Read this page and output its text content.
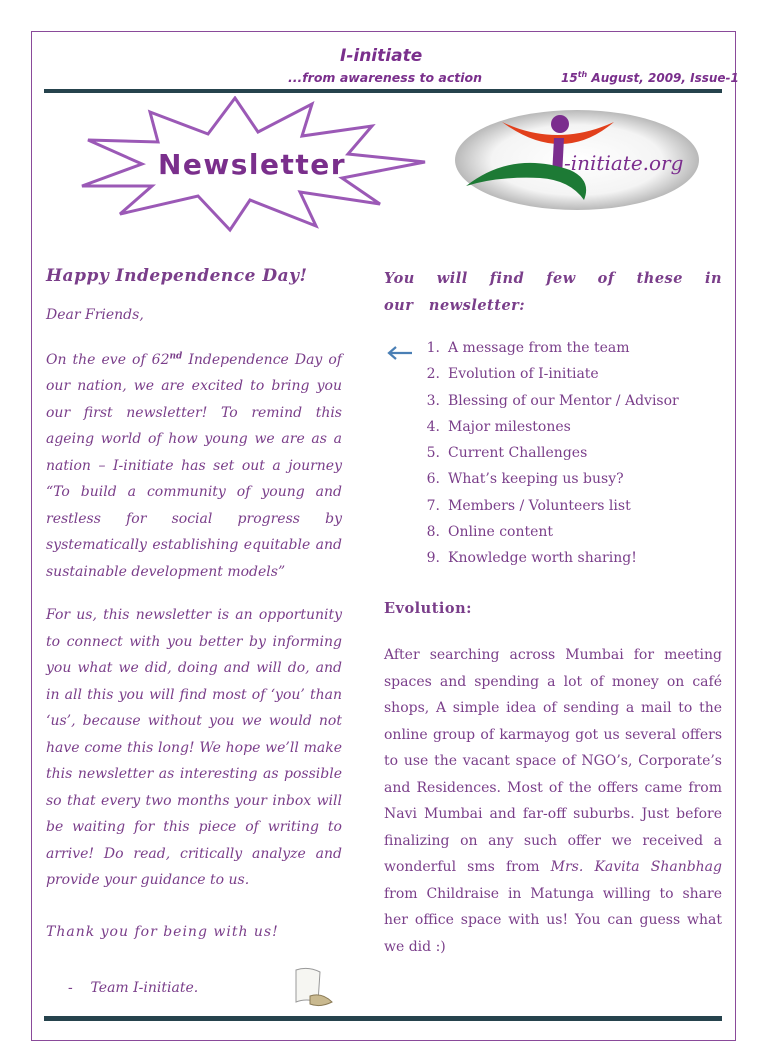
I-initiate
...from awareness to action	15th August, 2009, Issue-1
Newsletter	-initiate.org
Happy Independence Day!

Dear Friends,

On the eve of 62nd Independence Day of our nation, we are excited to bring you our first newsletter! To remind this ageing world of how young we are as a nation – I-initiate has set out a journey “To build a community of young and restless for social progress by systematically establishing equitable and sustainable development models”

For us, this newsletter is an opportunity to connect with you better by informing you what we did, doing and will do, and in all this you will find most of ‘you’ than ‘us’, because without you we would not have come this long! We hope we’ll make this newsletter as interesting as possible so that every two months your inbox will be waiting for this piece of writing to arrive! Do read, critically analyze and provide your guidance to us.

Thank you for being with us!

- Team I-initiate.

You will find few of these in our newsletter:

1. A message from the team
2. Evolution of I-initiate
3. Blessing of our Mentor / Advisor
4. Major milestones
5. Current Challenges
6. What’s keeping us busy?
7. Members / Volunteers list
8. Online content
9. Knowledge worth sharing!

Evolution:

After searching across Mumbai for meeting spaces and spending a lot of money on café shops, A simple idea of sending a mail to the online group of karmayog got us several offers to use the vacant space of NGO’s, Corporate’s and Residences. Most of the offers came from Navi Mumbai and far-off suburbs. Just before finalizing on any such offer we received a wonderful sms from Mrs. Kavita Shanbhag from Childraise in Matunga willing to share her office space with us! You can guess what we did :)
